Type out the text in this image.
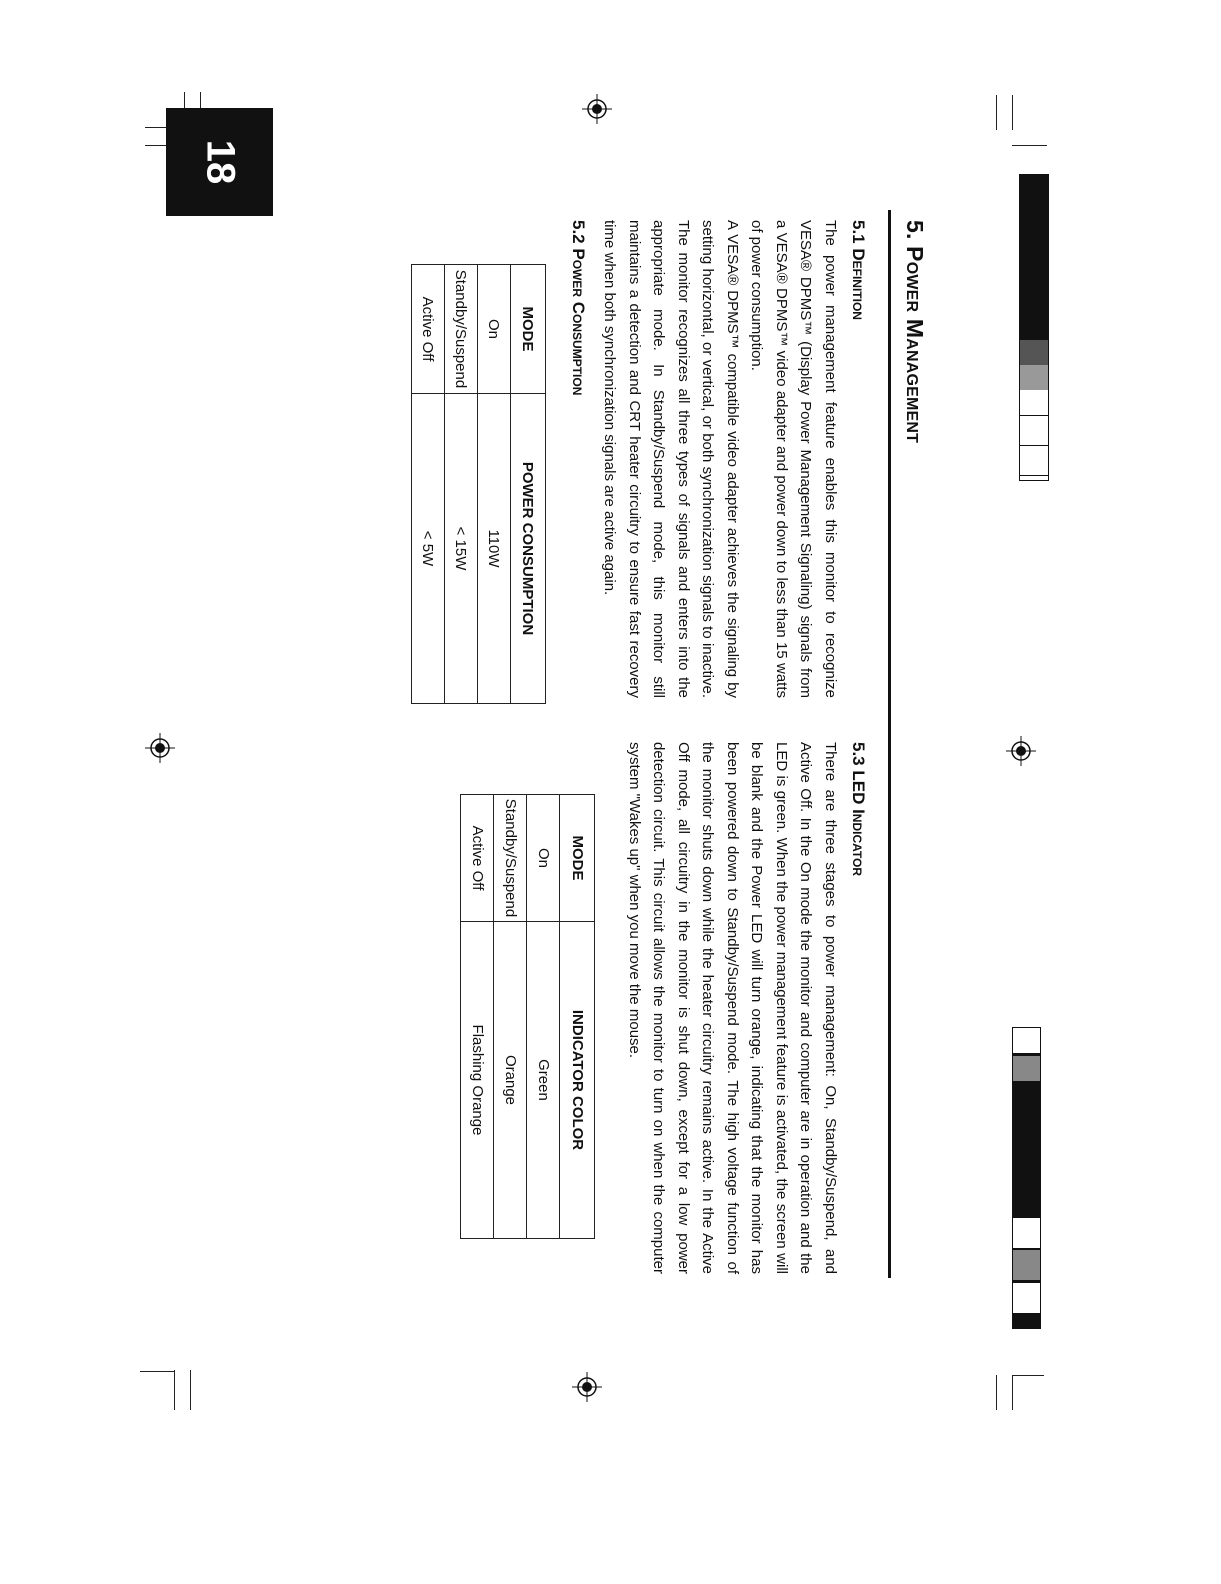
18
5. Power Management
5.1 Definition

The power management feature enables this monitor to recognize VESA® DPMS™ (Display Power Management Signaling) signals from a VESA® DPMS™ video adapter and power down to less than 15 watts of power consumption.

A VESA® DPMS™ compatible video adapter achieves the signaling by setting horizontal, or vertical, or both synchronization signals to inactive. The monitor recognizes all three types of signals and enters into the appropriate mode. In Standby/Suspend mode, this monitor still maintains a detection and CRT heater circuitry to ensure fast recovery time when both synchronization signals are active again.

5.2 Power Consumption
MODE	POWER CONSUMPTION
On	110W
Standby/Suspend	< 15W
Active Off	< 5W
5.3 LED Indicator

There are three stages to power management: On, Standby/Suspend, and Active Off. In the On mode the monitor and computer are in operation and the LED is green. When the power management feature is activated, the screen will be blank and the Power LED will turn orange, indicating that the monitor has been powered down to Standby/Suspend mode. The high voltage function of the monitor shuts down while the heater circuitry remains active. In the Active Off mode, all circuitry in the monitor is shut down, except for a low power detection circuit. This circuit allows the monitor to turn on when the computer system "Wakes up" when you move the mouse.

MODE	INDICATOR COLOR
On	Green
Standby/Suspend	Orange
Active Off	Flashing Orange
